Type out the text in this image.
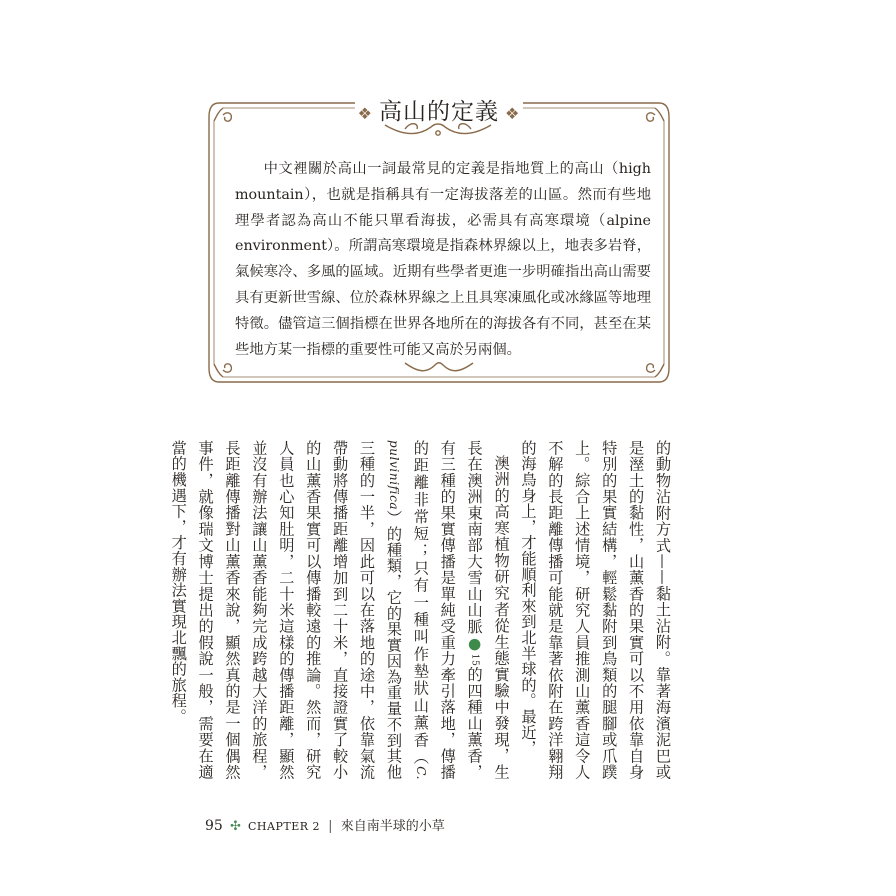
❖ 高山的定義 ❖

中文裡關於高山一詞最常見的定義是指地質上的高山（high mountain），也就是指稱具有一定海拔落差的山區。然而有些地理學者認為高山不能只單看海拔，必需具有高寒環境（alpine environment）。所謂高寒環境是指森林界線以上，地表多岩脊，氣候寒冷、多風的區域。近期有些學者更進一步明確指出高山需要具有更新世雪線、位於森林界線之上且具寒凍風化或冰緣區等地理特徵。儘管這三個指標在世界各地所在的海拔各有不同，甚至在某些地方某一指標的重要性可能又高於另兩個。

的動物沾附方式——黏土沾附。靠著海濱泥巴或是溼土的黏性，山薰香的果實可以不用依靠自身特別的果實結構，輕鬆黏附到鳥類的腿腳或爪蹼上。綜合上述情境，研究人員推測山薰香這令人不解的長距離傳播可能就是靠著依附在跨洋翱翔的海鳥身上，才能順利來到北半球的。最近，

澳洲的高寒植物研究者從生態實驗中發現，生長在澳洲東南部大雪山山脈●15的四種山薰香，有三種的果實傳播是單純受重力牽引落地，傳播的距離非常短；只有一種叫作墊狀山薰香（C. pulvinifica）的種類，它的果實因為重量不到其他三種的一半，因此可以在落地的途中，依靠氣流帶動將傳播距離增加到二十米，直接證實了較小的山薰香果實可以傳播較遠的推論。然而，研究人員也心知肚明，二十米這樣的傳播距離，顯然並沒有辦法讓山薰香能夠完成跨越大洋的旅程，長距離傳播對山薰香來說，顯然真的是一個偶然事件，就像瑞文博士提出的假說一般，需要在適當的機遇下，才有辦法實現北飄的旅程。

95 ✣ CHAPTER 2 | 來自南半球的小草
